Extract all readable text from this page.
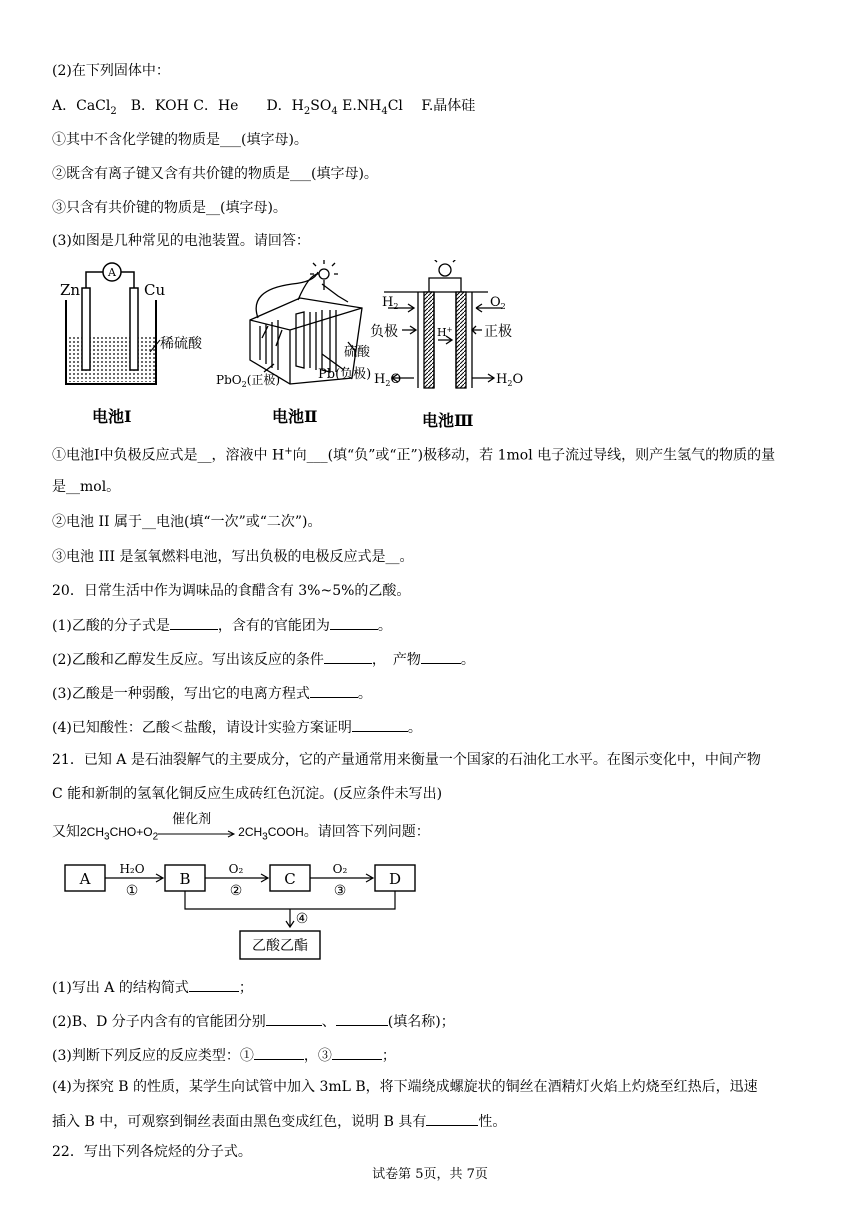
(2)在下列固体中：
A．CaCl$_2$　B．KOH C．He　　D．$H_2SO_4$ $E.NH_4Cl$　 F.晶体硅
①其中不含化学键的物质是___(填字母)。
②既含有离子键又含有共价键的物质是___(填字母)。
③只含有共价键的物质是__(填字母)。
(3)如图是几种常见的电池装置。请回答：
A
Zn	Cu
稀硫酸
电池Ⅰ
硫酸
Pb(负极)
PbO$_2$(正极)
电池Ⅱ
$H_2$	$O_2$
负极	正极
H+
$H_2O$	$H_2O$
电池Ⅲ
①电池Ⅰ中负极反应式是__，溶液中 H+向___(填“负”或“正”)极移动，若 1mol 电子流过导线，则产生氢气的物质的量
是__mol。
②电池 II 属于__电池(填“一次”或“二次”)。
③电池 III 是氢氧燃料电池，写出负极的电极反应式是__。
20．日常生活中作为调味品的食醋含有 3%~5%的乙酸。
(1)乙酸的分子式是	，含有的官能团为	。
(2)乙酸和乙醇发生反应。写出该反应的条件	，　产物	。
(3)乙酸是一种弱酸，写出它的电离方程式	。
(4)已知酸性：乙酸＜盐酸，请设计实验方案证明	。
21．已知 A 是石油裂解气的主要成分，它的产量通常用来衡量一个国家的石油化工水平。在图示变化中，中间产物
C 能和新制的氢氧化铜反应生成砖红色沉淀。(反应条件未写出)
又知$2CH_3CHO+O_2$
催化剂
$2CH_3COOH$。请回答下列问题：
A	B	C	D
乙酸乙酯
H₂O	O₂	O₂
①	②	③
④
(1)写出 A 的结构简式	；
(2)B、D 分子内含有的官能团分别	、	(填名称)；
(3)判断下列反应的反应类型：①	，③	；
(4)为探究 B 的性质，某学生向试管中加入 3mL B，将下端绕成螺旋状的铜丝在酒精灯火焰上灼烧至红热后，迅速
插入 B 中，可观察到铜丝表面由黑色变成红色，说明 B 具有	性。
22．写出下列各烷烃的分子式。
试卷第 5页，共 7页
